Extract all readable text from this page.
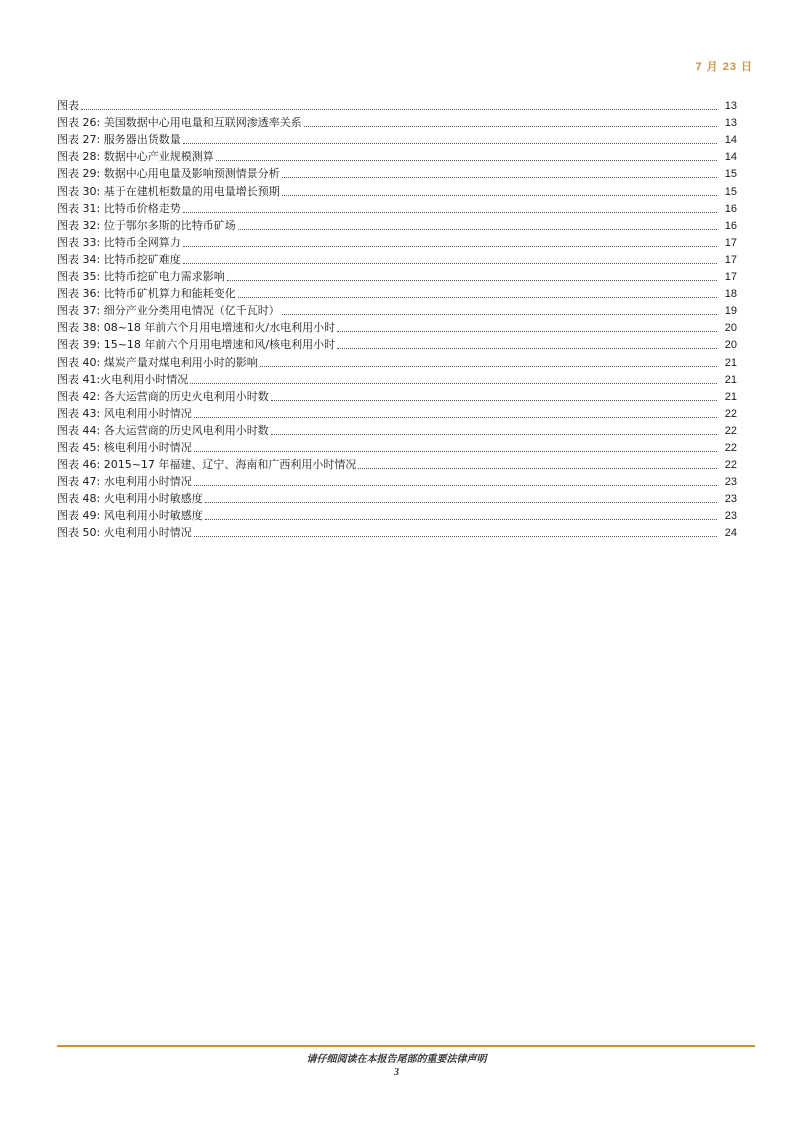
7 月 23 日
图表	13
图表 26: 美国数据中心用电量和互联网渗透率关系	13
图表 27: 服务器出货数量	14
图表 28: 数据中心产业规模测算	14
图表 29: 数据中心用电量及影响预测情景分析	15
图表 30: 基于在建机柜数量的用电量增长预期	15
图表 31: 比特币价格走势	16
图表 32: 位于鄂尔多斯的比特币矿场	16
图表 33: 比特币全网算力	17
图表 34: 比特币挖矿难度	17
图表 35: 比特币挖矿电力需求影响	17
图表 36: 比特币矿机算力和能耗变化	18
图表 37: 细分产业分类用电情况（亿千瓦时）	19
图表 38: 08~18 年前六个月用电增速和火/水电利用小时	20
图表 39: 15~18 年前六个月用电增速和风/核电利用小时	20
图表 40: 煤炭产量对煤电利用小时的影响	21
图表 41:火电利用小时情况	21
图表 42: 各大运营商的历史火电利用小时数	21
图表 43: 风电利用小时情况	22
图表 44: 各大运营商的历史风电利用小时数	22
图表 45: 核电利用小时情况	22
图表 46: 2015~17 年福建、辽宁、海南和广西利用小时情况	22
图表 47: 水电利用小时情况	23
图表 48: 火电利用小时敏感度	23
图表 49: 风电利用小时敏感度	23
图表 50: 火电利用小时情况	24
请仔细阅读在本报告尾部的重要法律声明
3
